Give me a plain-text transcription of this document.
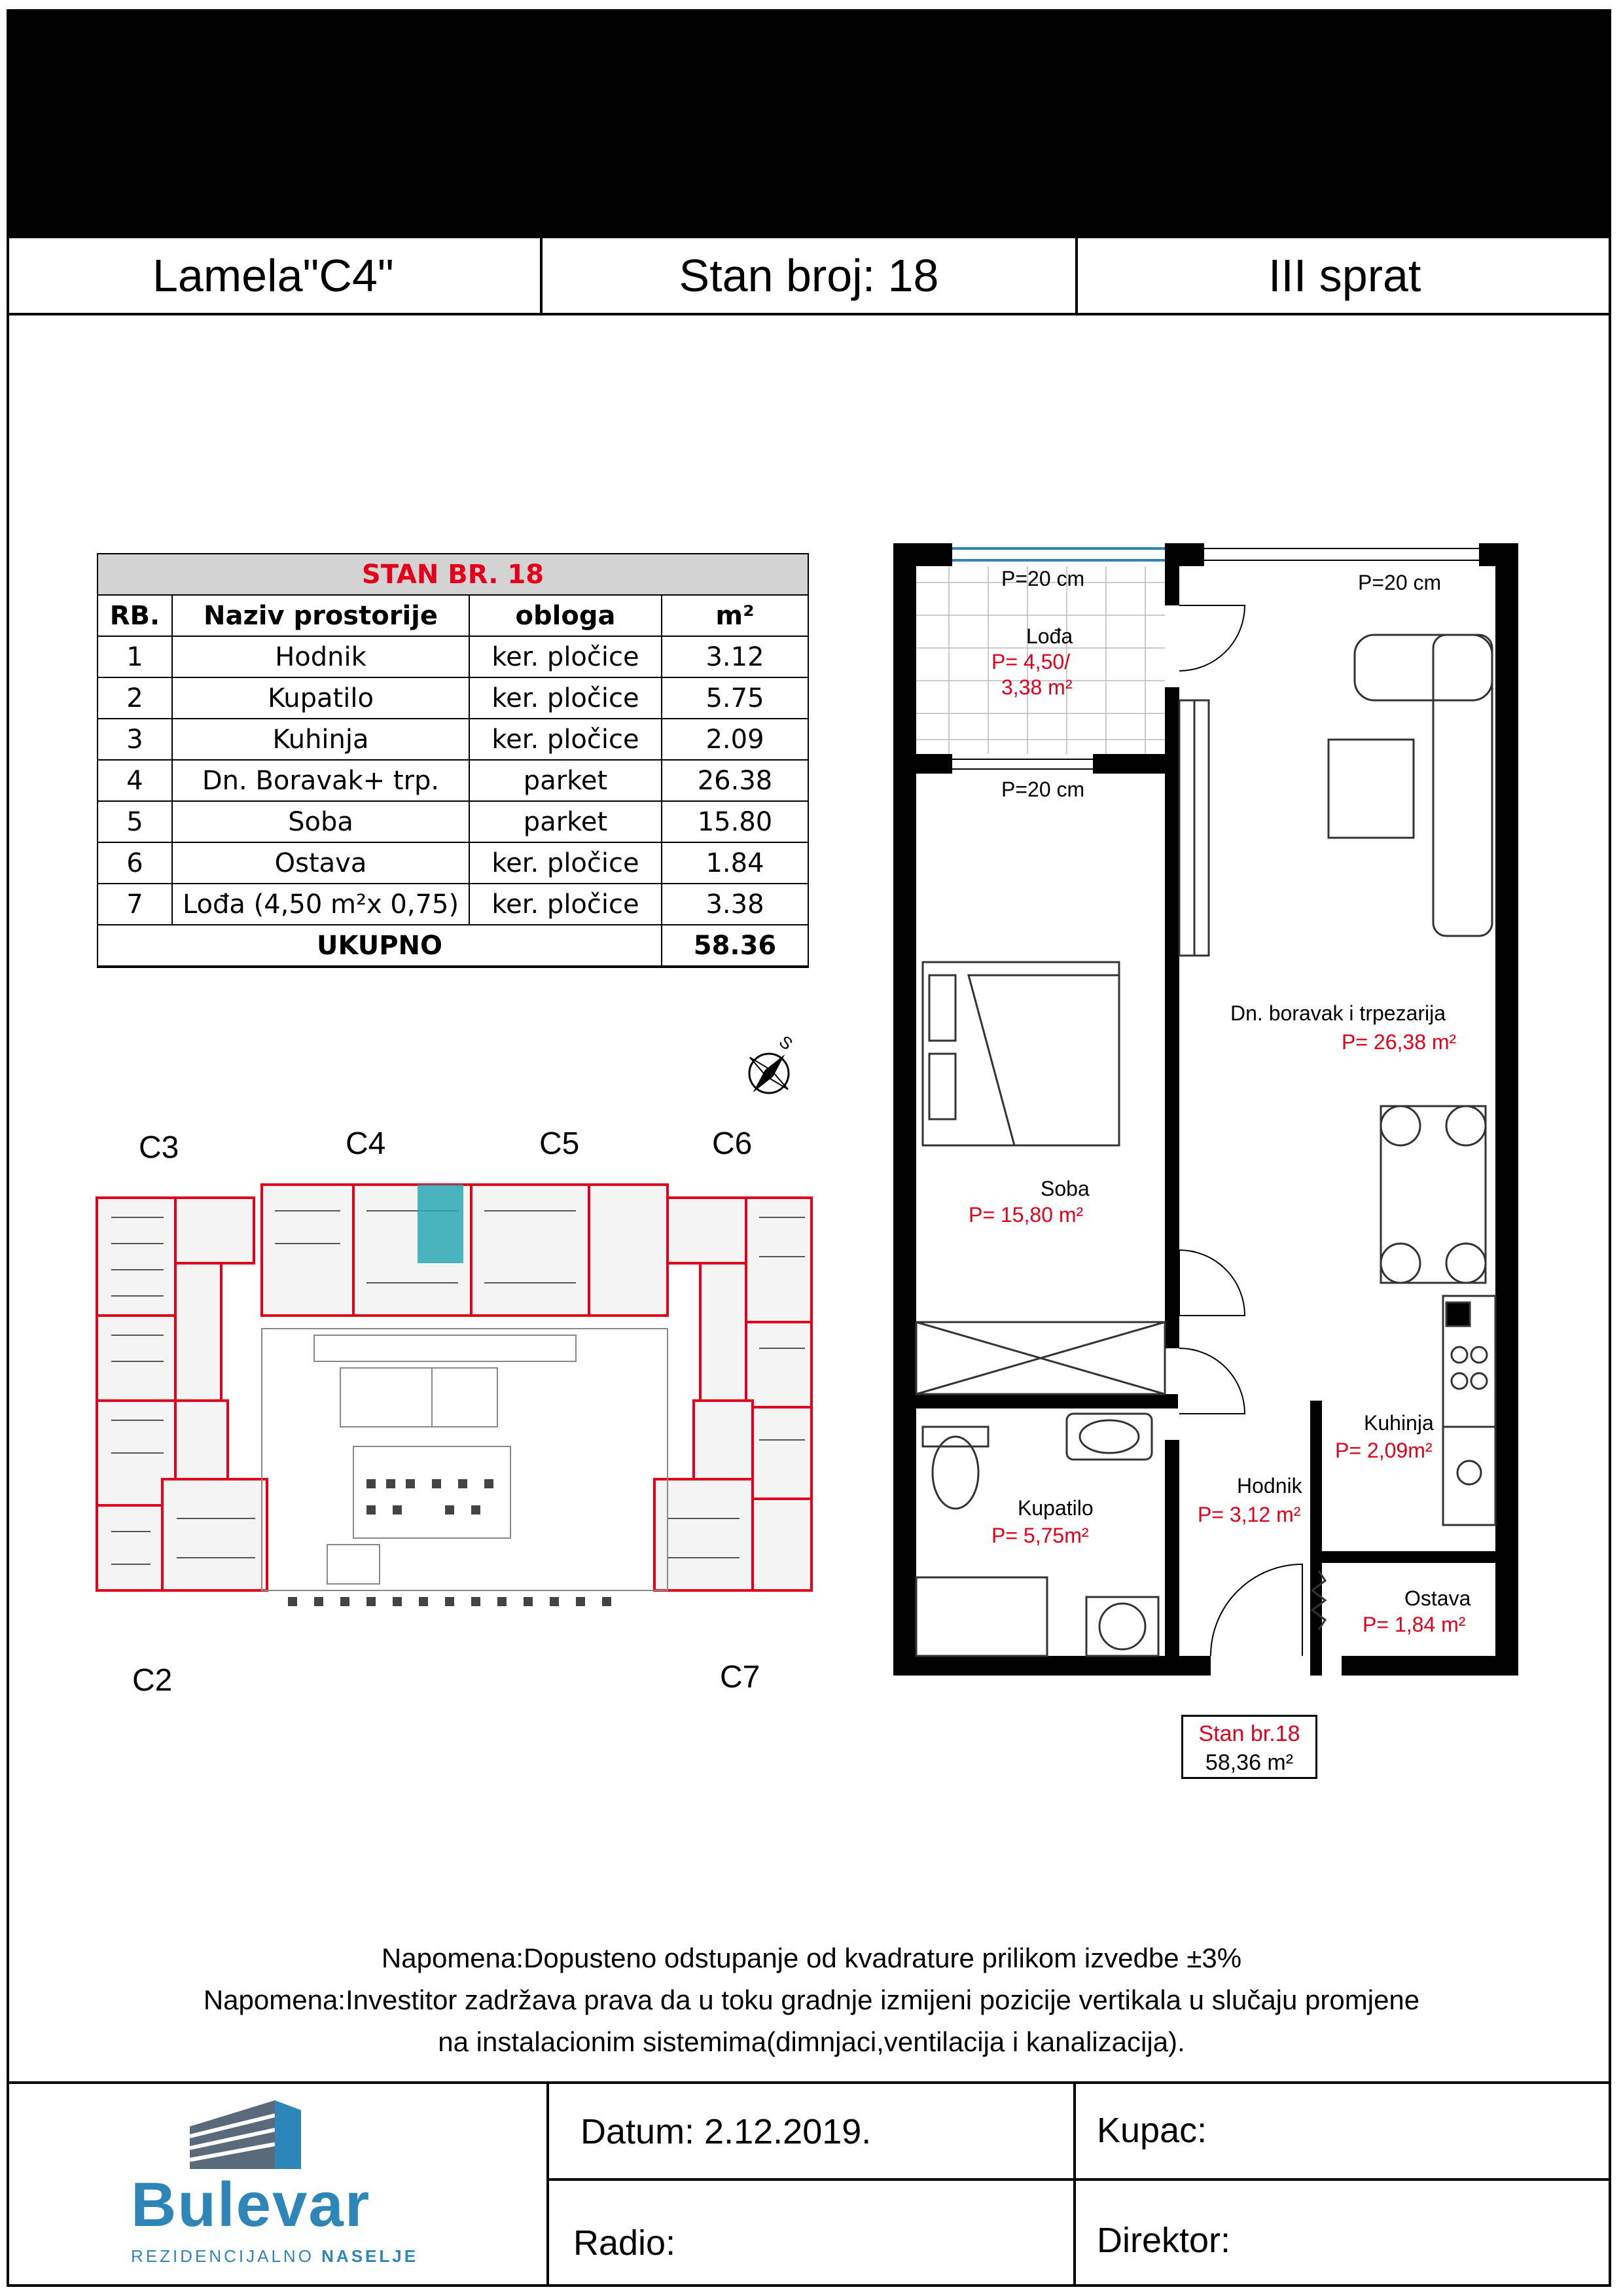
Lamela"C4"	Stan broj: 18	III sprat
STAN BR. 18			
RB.	Naziv prostorije	obloga	m²
1	Hodnik	ker. pločice	3.12
2	Kupatilo	ker. pločice	5.75
3	Kuhinja	ker. pločice	2.09
4	Dn. Boravak+ trp.	parket	26.38
5	Soba	parket	15.80
6	Ostava	ker. pločice	1.84
7	Lođa (4,50 m²x 0,75)	ker. pločice	3.38
UKUPNO			58.36
C3	C4	C5	C6
C2	C7
S
P=20 cm	P=20 cm
P=20 cm
Lođa
P= 4,50/
3,38 m²
Dn. boravak i trpezarija
P= 26,38 m²
Soba
P= 15,80 m²
Kuhinja
P= 2,09m²
Hodnik
P= 3,12 m²
Kupatilo
P= 5,75m²
Ostava
P= 1,84 m²
Stan br.18
58,36 m²
Napomena:Dopusteno odstupanje od kvadrature prilikom izvedbe ±3%
Napomena:Investitor zadržava prava da u toku gradnje izmijeni pozicije vertikala u slučaju promjene
na instalacionim sistemima(dimnjaci,ventilacija i kanalizacija).
Bulevar
REZIDENCIJALNO NASELJE
Datum: 2.12.2019.
Radio:
Kupac:
Direktor:
